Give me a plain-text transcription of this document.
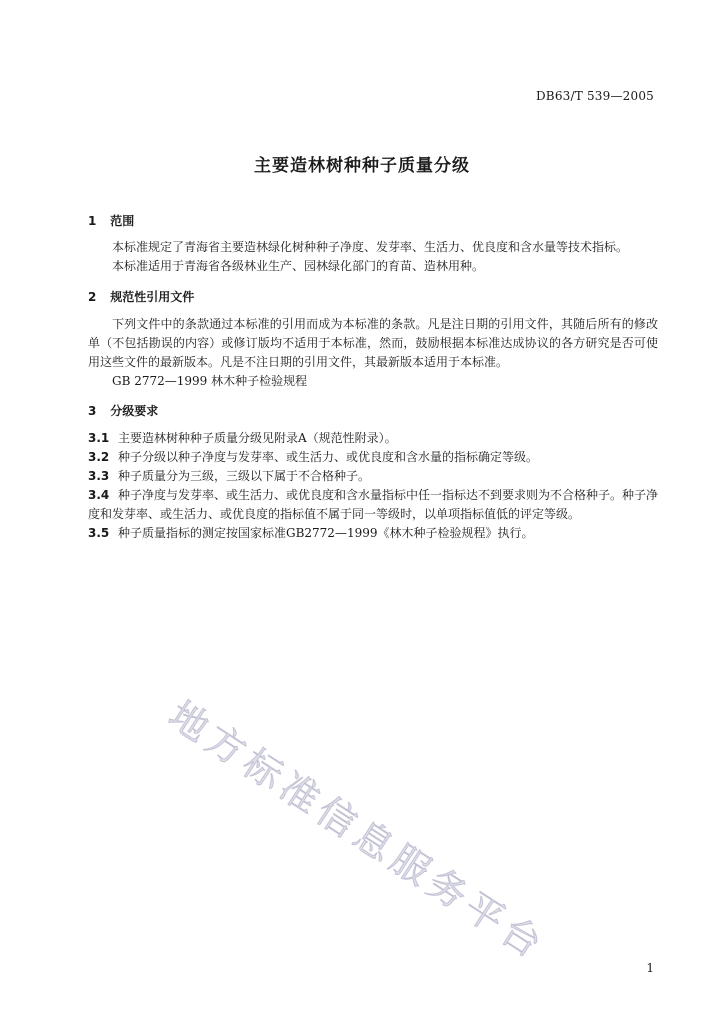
DB63/T 539—2005
主要造林树种种子质量分级
1 范围
本标准规定了青海省主要造林绿化树种种子净度、发芽率、生活力、优良度和含水量等技术指标。
本标准适用于青海省各级林业生产、园林绿化部门的育苗、造林用种。
2 规范性引用文件
下列文件中的条款通过本标准的引用而成为本标准的条款。凡是注日期的引用文件，其随后所有的修改单（不包括勘误的内容）或修订版均不适用于本标准，然而，鼓励根据本标准达成协议的各方研究是否可使用这些文件的最新版本。凡是不注日期的引用文件，其最新版本适用于本标准。
GB 2772—1999 林木种子检验规程
3 分级要求
3.1 主要造林树种种子质量分级见附录A（规范性附录）。
3.2 种子分级以种子净度与发芽率、或生活力、或优良度和含水量的指标确定等级。
3.3 种子质量分为三级，三级以下属于不合格种子。
3.4 种子净度与发芽率、或生活力、或优良度和含水量指标中任一指标达不到要求则为不合格种子。种子净度和发芽率、或生活力、或优良度的指标值不属于同一等级时，以单项指标值低的评定等级。
3.5 种子质量指标的测定按国家标准GB2772—1999《林木种子检验规程》执行。
地方标准信息服务平台	1
